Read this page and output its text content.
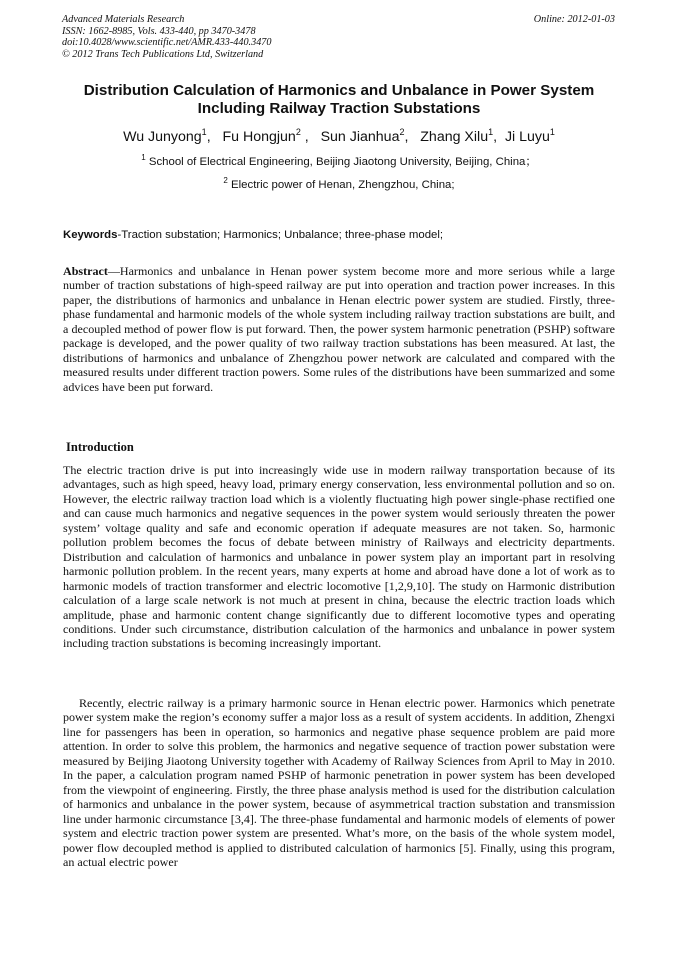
Advanced Materials Research
ISSN: 1662-8985, Vols. 433-440, pp 3470-3478
doi:10.4028/www.scientific.net/AMR.433-440.3470
© 2012 Trans Tech Publications Ltd, Switzerland
Online: 2012-01-03
Distribution Calculation of Harmonics and Unbalance in Power System
Including Railway Traction Substations
Wu Junyong$^1$,   Fu Hongjun$^2$ ,   Sun Jianhua$^2$,   Zhang Xilu$^1$,  Ji Luyu$^1$
$^1$ School of Electrical Engineering, Beijing Jiaotong University, Beijing, China；
$^2$ Electric power of Henan, Zhengzhou, China;
Keywords-Traction substation; Harmonics; Unbalance; three-phase model;

Abstract—Harmonics and unbalance in Henan power system become more and more serious while a large number of traction substations of high-speed railway are put into operation and traction power increases. In this paper, the distributions of harmonics and unbalance in Henan electric power system are studied. Firstly, three-phase fundamental and harmonic models of the whole system including railway traction substations are built, and a decoupled method of power flow is put forward. Then, the power system harmonic penetration (PSHP) software package is developed, and the power quality of two railway traction substations has been measured. At last, the distributions of harmonics and unbalance of Zhengzhou power network are calculated and compared with the measured results under different traction powers. Some rules of the distributions have been summarized and some advices have been put forward.

Introduction

The electric traction drive is put into increasingly wide use in modern railway transportation because of its advantages, such as high speed, heavy load, primary energy conservation, less environmental pollution and so on. However, the electric railway traction load which is a violently fluctuating high power single-phase rectified one and can cause much harmonics and negative sequences in the power system would seriously threaten the power system’ voltage quality and safe and economic operation if adequate measures are not taken. So, harmonic pollution problem becomes the focus of debate between ministry of Railways and electricity departments. Distribution and calculation of harmonics and unbalance in power system play an important part in resolving harmonic pollution problem. In the recent years, many experts at home and abroad have done a lot of work as to harmonic models of traction transformer and electric locomotive [1,2,9,10]. The study on Harmonic distribution calculation of a large scale network is not much at present in china, because the electric traction loads which amplitude, phase and harmonic content change significantly due to different locomotive types and operating conditions. Under such circumstance, distribution calculation of the harmonics and unbalance in power system including traction substations is becoming increasingly important.

Recently, electric railway is a primary harmonic source in Henan electric power. Harmonics which penetrate power system make the region’s economy suffer a major loss as a result of system accidents. In addition, Zhengxi line for passengers has been in operation, so harmonics and negative phase sequence problem are paid more attention. In order to solve this problem, the harmonics and negative sequence of traction power substation were measured by Beijing Jiaotong University together with Academy of Railway Sciences from April to May in 2010. In the paper, a calculation program named PSHP of harmonic penetration in power system has been developed from the viewpoint of engineering. Firstly, the three phase analysis method is used for the distribution calculation of harmonics and unbalance in the power system, because of asymmetrical traction substation and transmission line under harmonic circumstance [3,4]. The three-phase fundamental and harmonic models of elements of power system and electric traction power system are presented. What’s more, on the basis of the whole system model, power flow decoupled method is applied to distributed calculation of harmonics [5]. Finally, using this program, an actual electric power
